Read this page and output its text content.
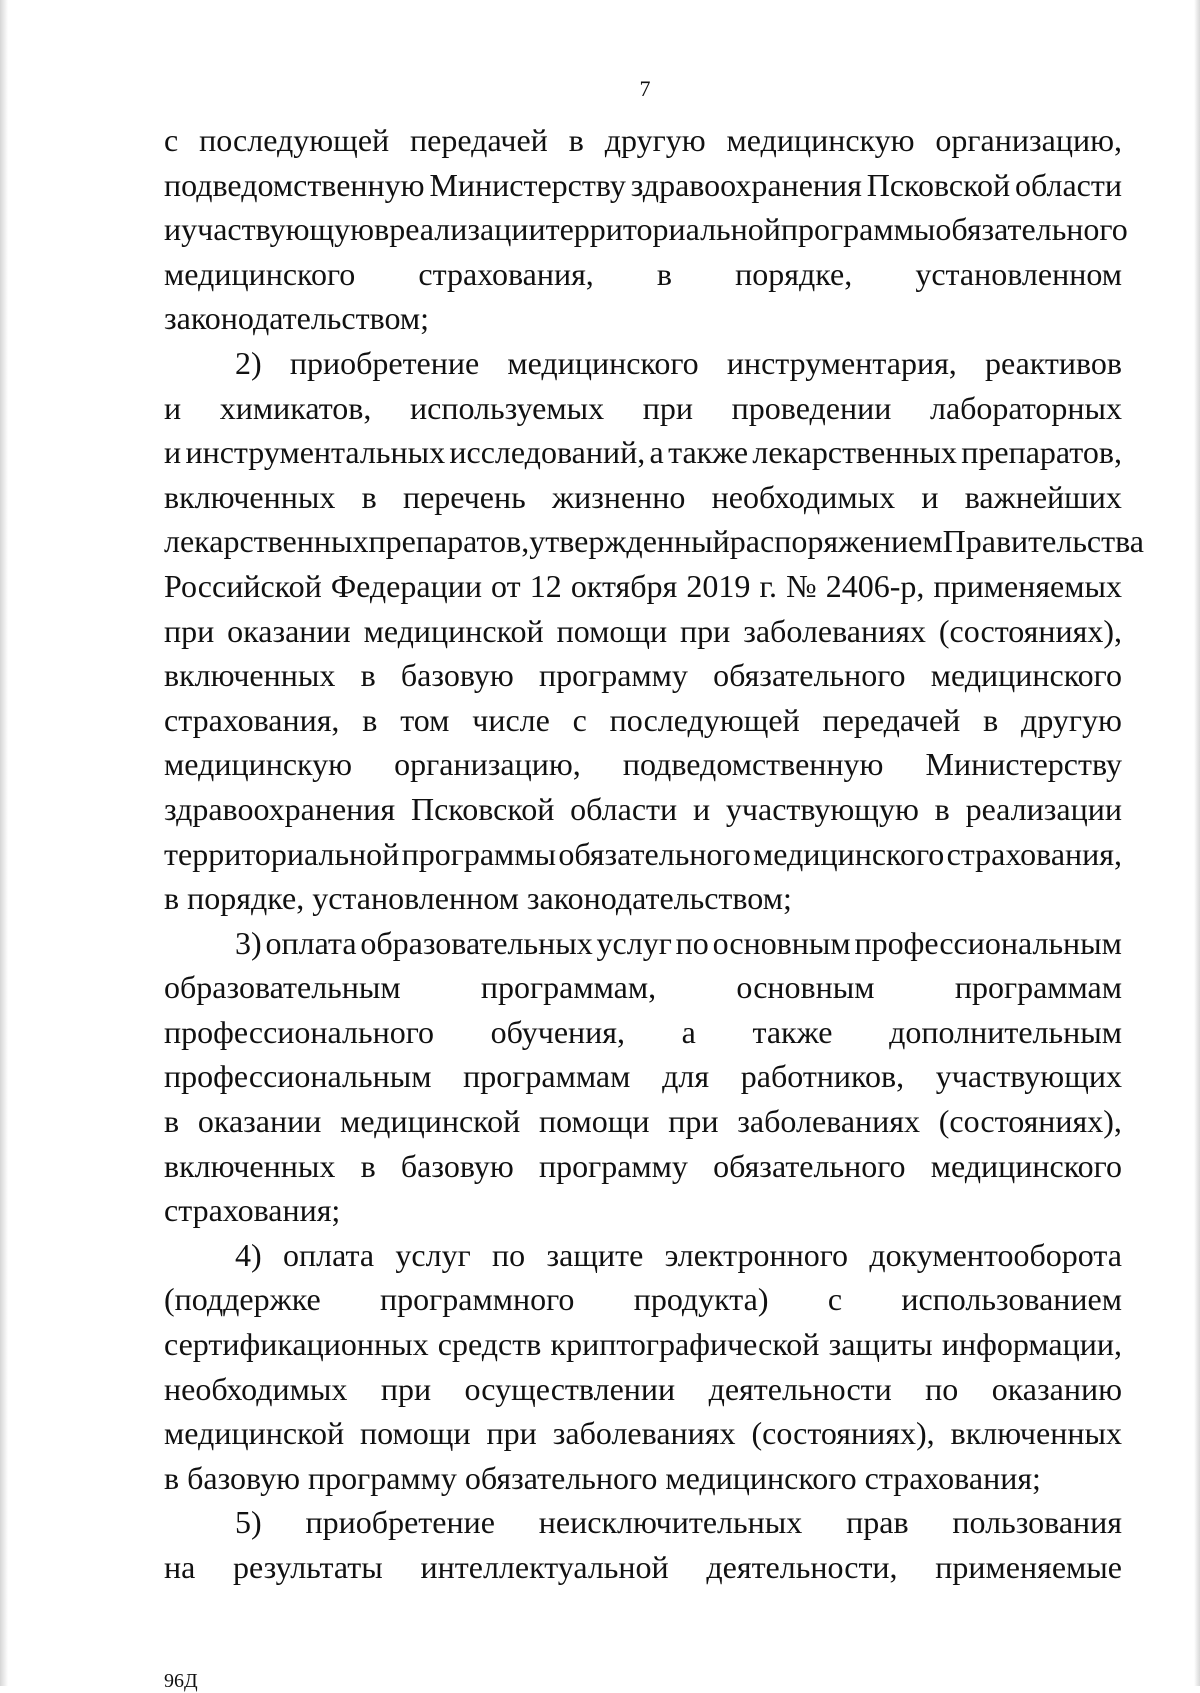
7
с последующей передачей в другую медицинскую организацию,
подведомственную Министерству здравоохранения Псковской области
и участвующую в реализации территориальной программы обязательного
медицинского страхования, в порядке, установленном
законодательством;
2) приобретение медицинского инструментария, реактивов
и химикатов, используемых при проведении лабораторных
и инструментальных исследований, а также лекарственных препаратов,
включенных в перечень жизненно необходимых и важнейших
лекарственных препаратов, утвержденный распоряжением Правительства
Российской Федерации от 12 октября 2019 г. № 2406-р, применяемых
при оказании медицинской помощи при заболеваниях (состояниях),
включенных в базовую программу обязательного медицинского
страхования, в том числе с последующей передачей в другую
медицинскую организацию, подведомственную Министерству
здравоохранения Псковской области и участвующую в реализации
территориальной программы обязательного медицинского страхования,
в порядке, установленном законодательством;
3) оплата образовательных услуг по основным профессиональным
образовательным	программам,	основным	программам
профессионального обучения, а также дополнительным
профессиональным программам для работников, участвующих
в оказании медицинской помощи при заболеваниях (состояниях),
включенных в базовую программу обязательного медицинского
страхования;
4) оплата услуг по защите электронного документооборота
(поддержке программного продукта) с использованием
сертификационных средств криптографической защиты информации,
необходимых при осуществлении деятельности по оказанию
медицинской помощи при заболеваниях (состояниях), включенных
в базовую программу обязательного медицинского страхования;
5) приобретение неисключительных прав пользования
на результаты интеллектуальной деятельности, применяемые
96Д
